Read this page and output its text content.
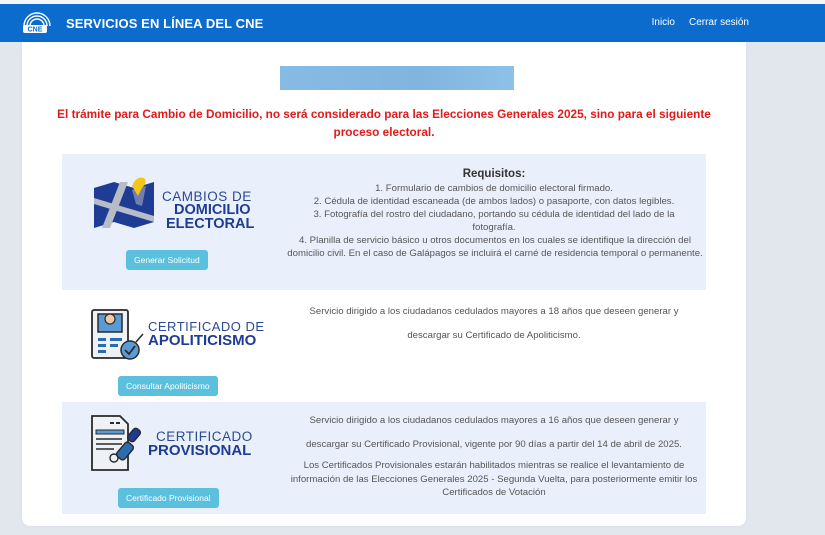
CNE SERVICIOS EN LÍNEA DEL CNE	Inicio Cerrar sesión
El trámite para Cambio de Domicilio, no será considerado para las Elecciones Generales 2025, sino para el siguiente proceso electoral.
CAMBIOS DE
DOMICILIO
ELECTORAL
Generar Solicitud
Requisitos:
1. Formulario de cambios de domicilio electoral firmado.
2. Cédula de identidad escaneada (de ambos lados) o pasaporte, con datos legibles.
3. Fotografía del rostro del ciudadano, portando su cédula de identidad del lado de la fotografía.
4. Planilla de servicio básico u otros documentos en los cuales se identifique la dirección del domicilio civil. En el caso de Galápagos se incluirá el carné de residencia temporal o permanente.
CERTIFICADO DE
APOLITICISMO
Consultar Apoliticismo
Servicio dirigido a los ciudadanos cedulados mayores a 18 años que deseen generar y descargar su Certificado de Apoliticismo.
CERTIFICADO
PROVISIONAL
Certificado Provisional
Servicio dirigido a los ciudadanos cedulados mayores a 16 años que deseen generar y descargar su Certificado Provisional, vigente por 90 días a partir del 14 de abril de 2025.
Los Certificados Provisionales estarán habilitados mientras se realice el levantamiento de información de las Elecciones Generales 2025 - Segunda Vuelta, para posteriormente emitir los Certificados de Votación
